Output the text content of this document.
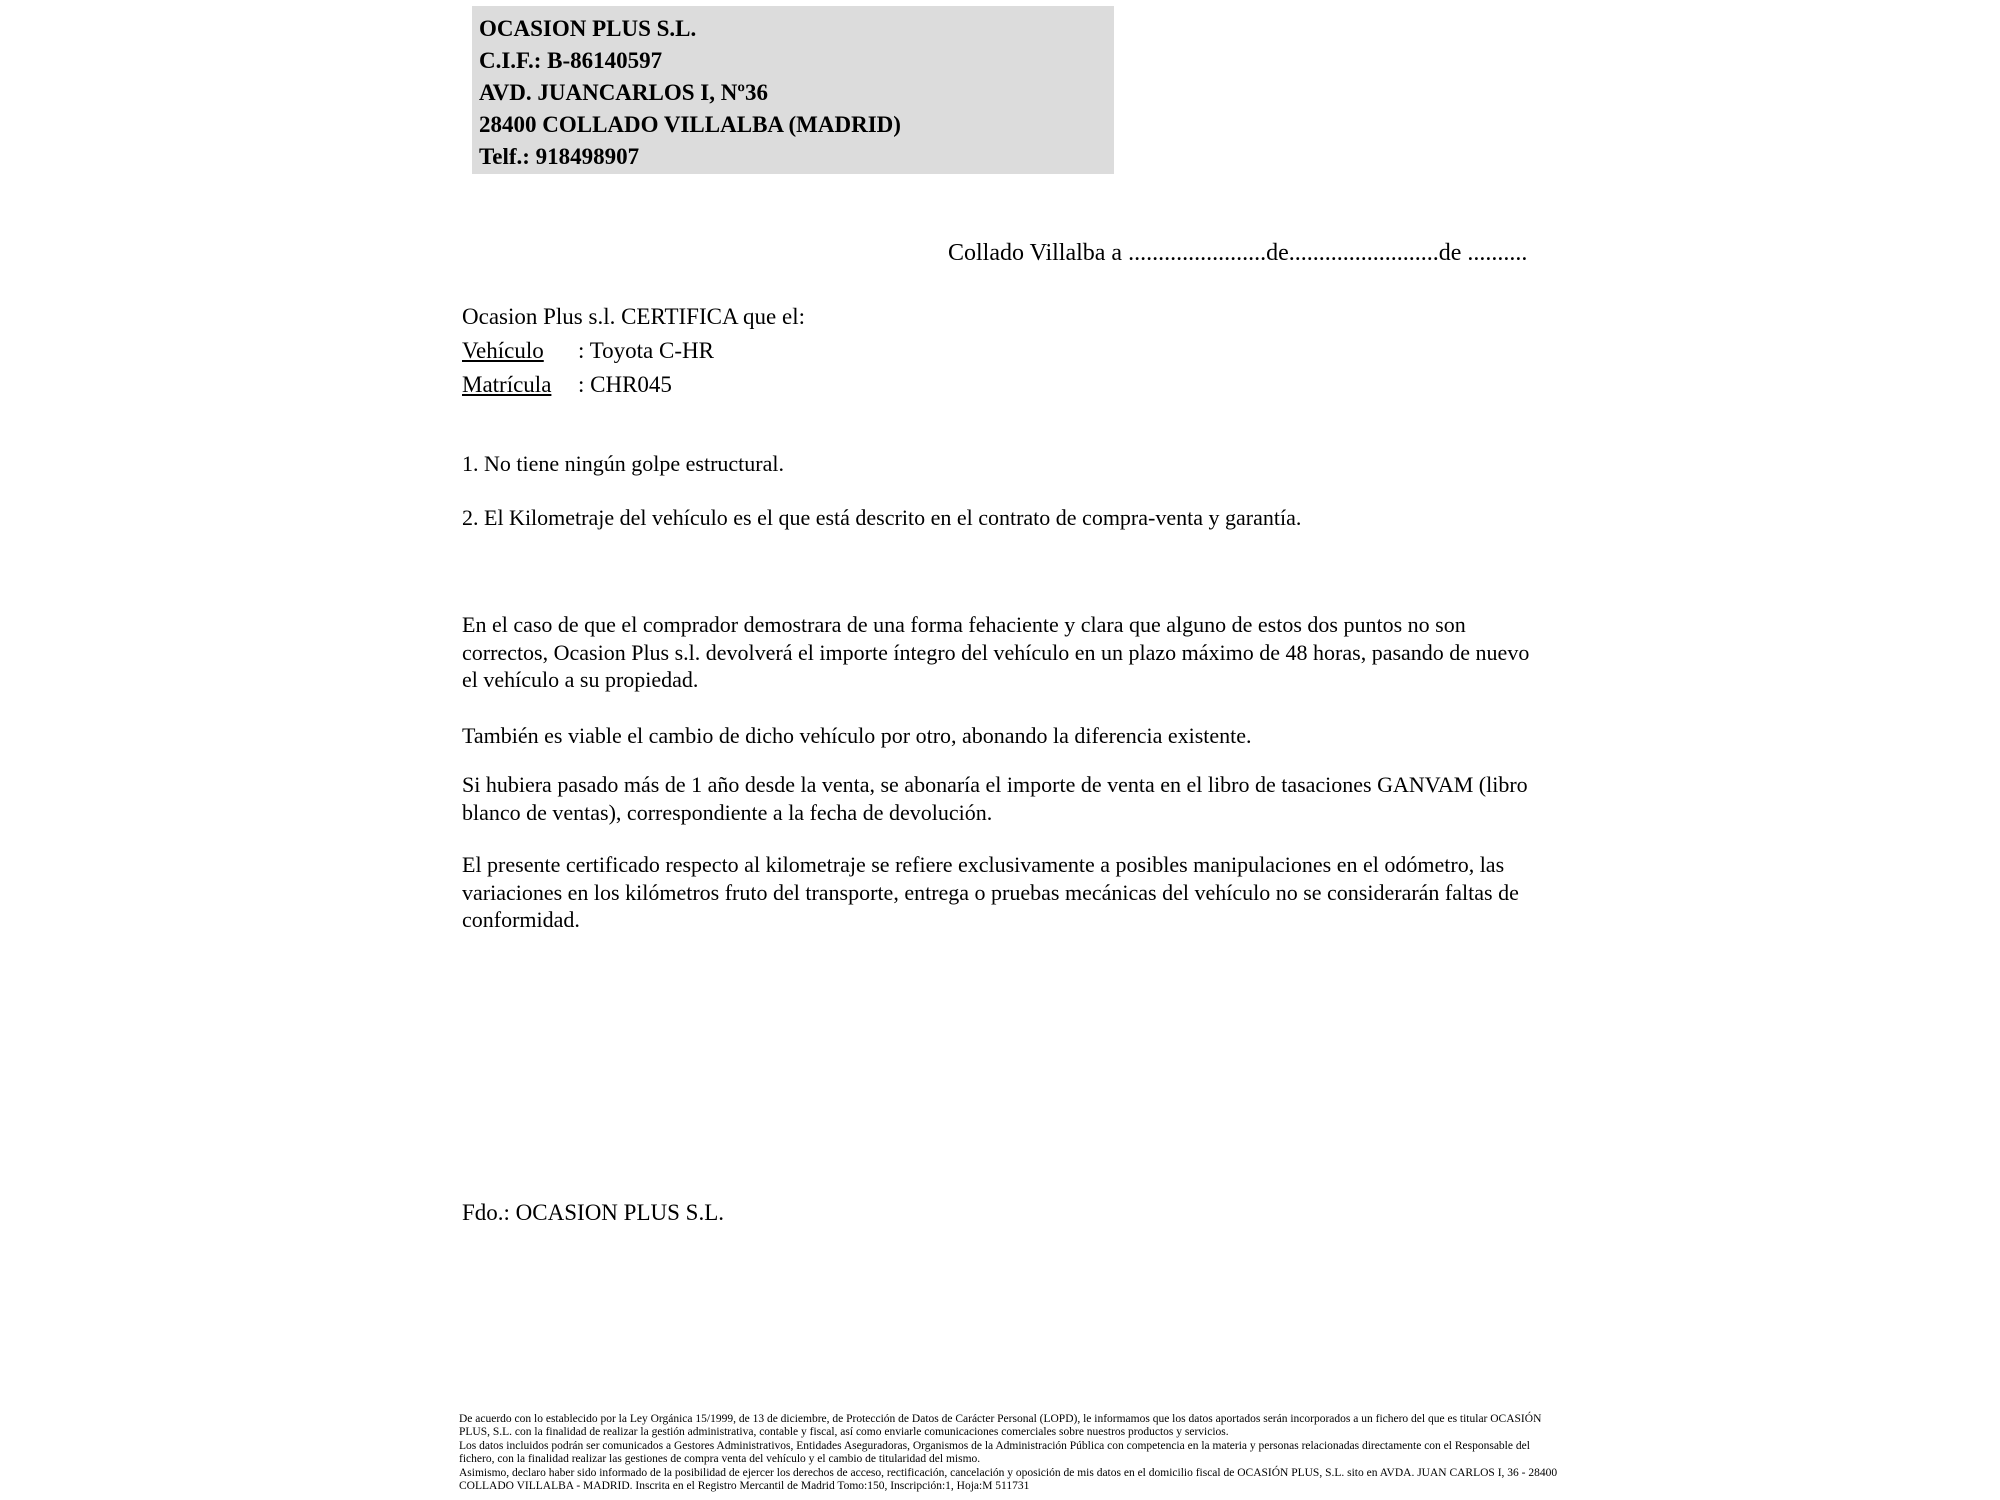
OCASION PLUS S.L.
C.I.F.: B-86140597
AVD. JUANCARLOS I, Nº36
28400 COLLADO VILLALBA (MADRID)
Telf.: 918498907
Collado Villalba a .......................de.........................de ..........
Ocasion Plus s.l. CERTIFICA que el:
Vehículo : Toyota C-HR
Matrícula : CHR045

1. No tiene ningún golpe estructural.

2. El Kilometraje del vehículo es el que está descrito en el contrato de compra-venta y garantía.

En el caso de que el comprador demostrara de una forma fehaciente y clara que alguno de estos dos puntos no son correctos, Ocasion Plus s.l. devolverá el importe íntegro del vehículo en un plazo máximo de 48 horas, pasando de nuevo el vehículo a su propiedad.

También es viable el cambio de dicho vehículo por otro, abonando la diferencia existente.

Si hubiera pasado más de 1 año desde la venta, se abonaría el importe de venta en el libro de tasaciones GANVAM (libro blanco de ventas), correspondiente a la fecha de devolución.

El presente certificado respecto al kilometraje se refiere exclusivamente a posibles manipulaciones en el odómetro, las variaciones en los kilómetros fruto del transporte, entrega o pruebas mecánicas del vehículo no se considerarán faltas de conformidad.

Fdo.: OCASION PLUS S.L.

De acuerdo con lo establecido por la Ley Orgánica 15/1999, de 13 de diciembre, de Protección de Datos de Carácter Personal (LOPD), le informamos que los datos aportados serán incorporados a un fichero del que es titular OCASIÓN PLUS, S.L. con la finalidad de realizar la gestión administrativa, contable y fiscal, así como enviarle comunicaciones comerciales sobre nuestros productos y servicios.

Los datos incluidos podrán ser comunicados a Gestores Administrativos, Entidades Aseguradoras, Organismos de la Administración Pública con competencia en la materia y personas relacionadas directamente con el Responsable del fichero, con la finalidad realizar las gestiones de compra venta del vehículo y el cambio de titularidad del mismo.

Asimismo, declaro haber sido informado de la posibilidad de ejercer los derechos de acceso, rectificación, cancelación y oposición de mis datos en el domicilio fiscal de OCASIÓN PLUS, S.L. sito en AVDA. JUAN CARLOS I, 36 - 28400 COLLADO VILLALBA - MADRID. Inscrita en el Registro Mercantil de Madrid Tomo:150, Inscripción:1, Hoja:M 511731
